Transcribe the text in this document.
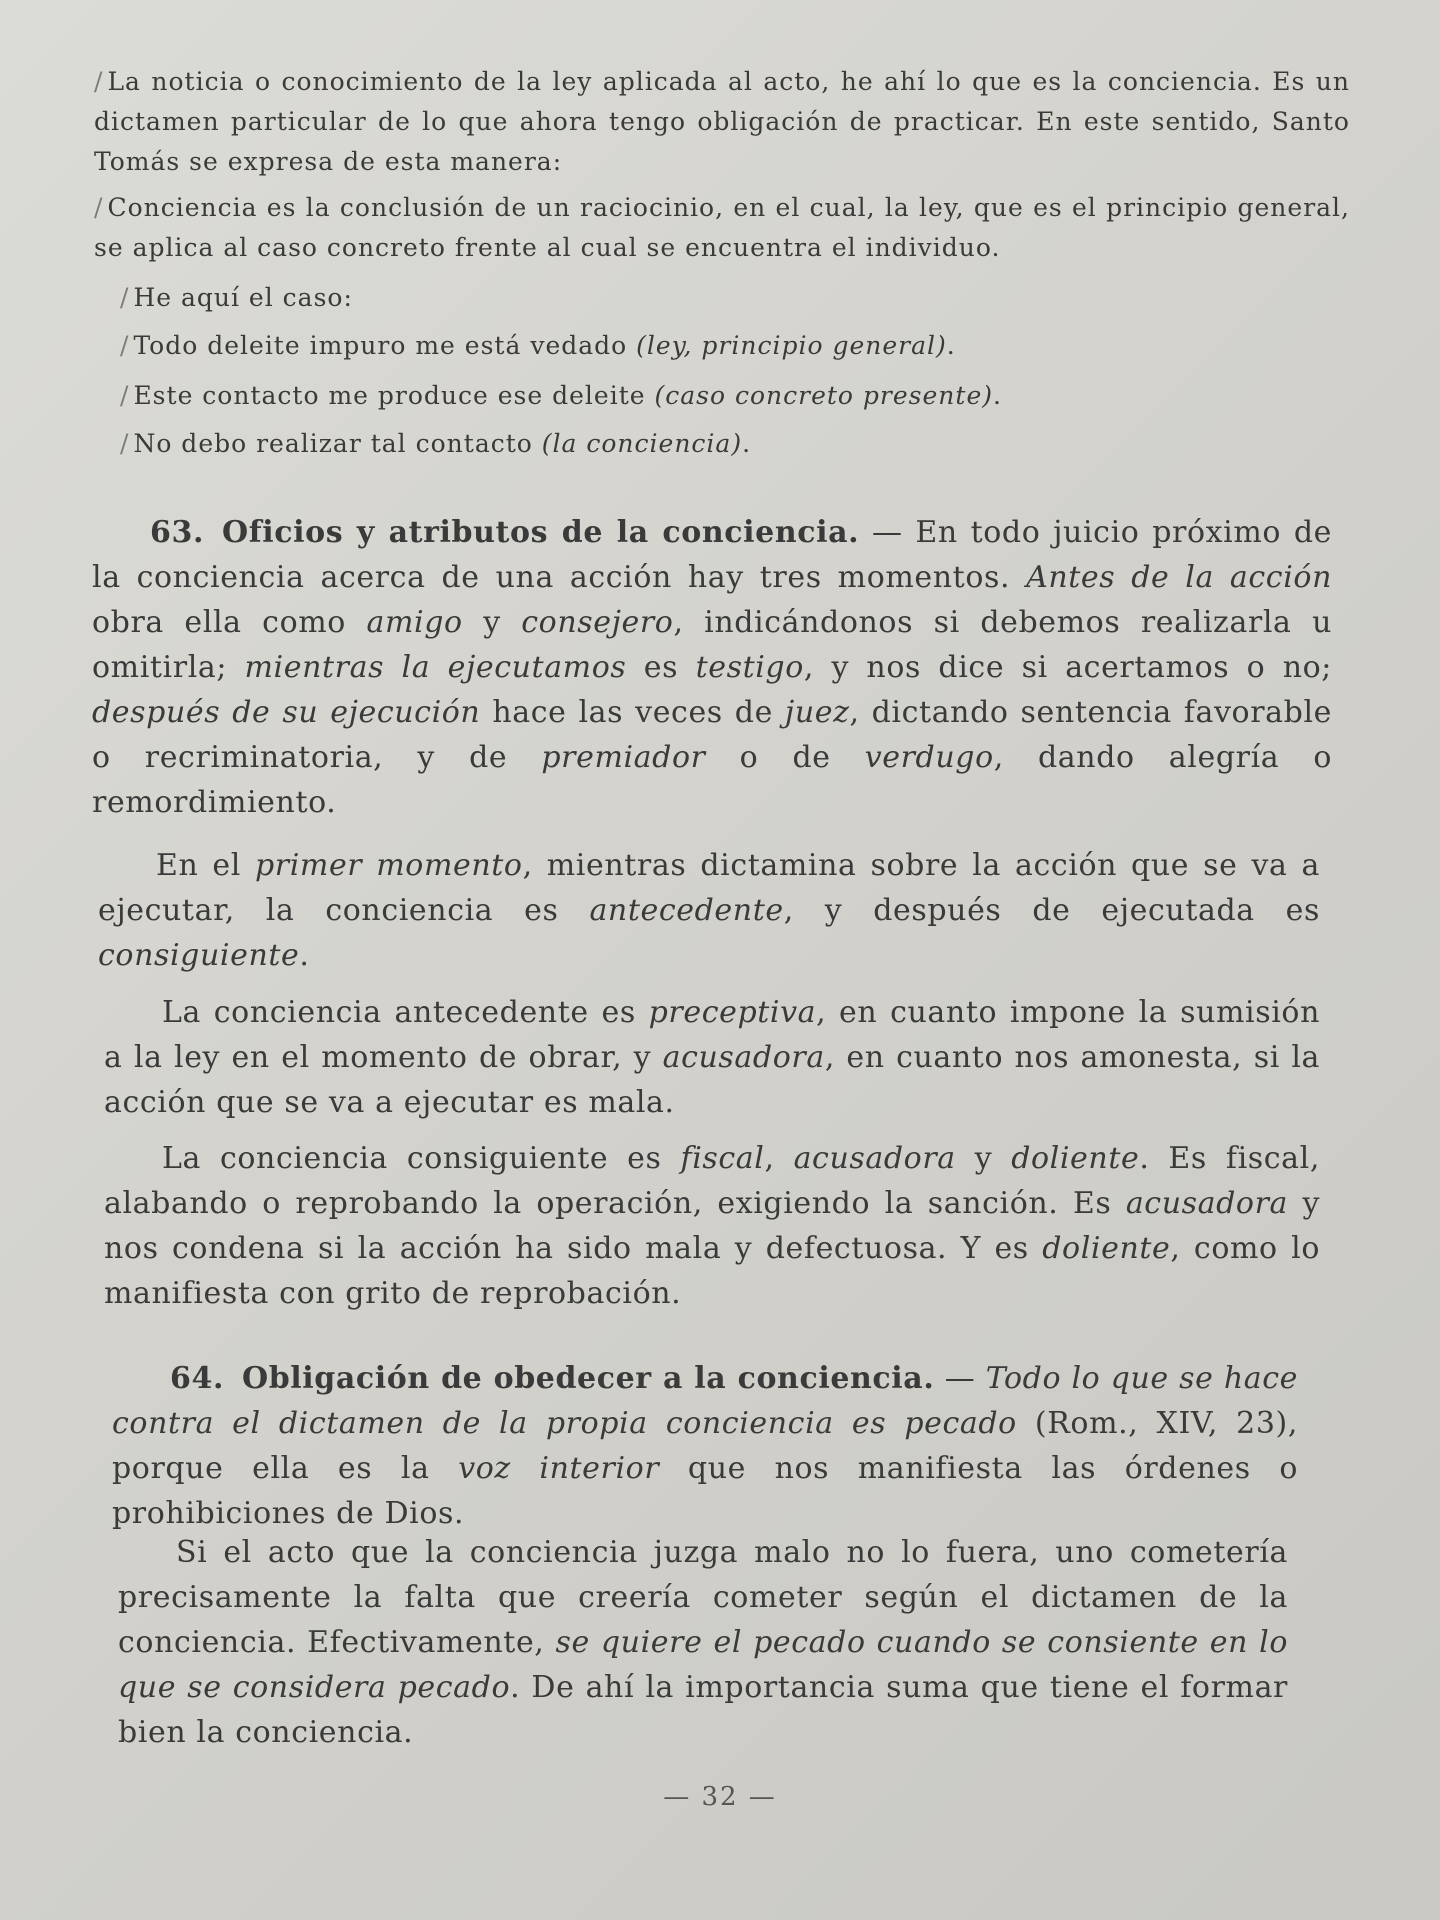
/ La noticia o conocimiento de la ley aplicada al acto, he ahí lo que es la conciencia. Es un dictamen particular de lo que ahora tengo obligación de practicar. En este sentido, Santo Tomás se expresa de esta manera:

/ Conciencia es la conclusión de un raciocinio, en el cual, la ley, que es el principio general, se aplica al caso concreto frente al cual se encuentra el individuo.

/ He aquí el caso:

/ Todo deleite impuro me está vedado (ley, principio general).

/ Este contacto me produce ese deleite (caso concreto presente).

/ No debo realizar tal contacto (la conciencia).

63. Oficios y atributos de la conciencia. — En todo juicio próximo de la conciencia acerca de una acción hay tres momentos. Antes de la acción obra ella como amigo y consejero, indicándonos si debemos realizarla u omitirla; mientras la ejecutamos es testigo, y nos dice si acertamos o no; después de su ejecución hace las veces de juez, dictando sentencia favorable o recriminatoria, y de premiador o de verdugo, dando alegría o remordimiento.

En el primer momento, mientras dictamina sobre la acción que se va a ejecutar, la conciencia es antecedente, y después de ejecutada es consiguiente.

La conciencia antecedente es preceptiva, en cuanto impone la sumisión a la ley en el momento de obrar, y acusadora, en cuanto nos amonesta, si la acción que se va a ejecutar es mala.

La conciencia consiguiente es fiscal, acusadora y doliente. Es fiscal, alabando o reprobando la operación, exigiendo la sanción. Es acusadora y nos condena si la acción ha sido mala y defectuosa. Y es doliente, como lo manifiesta con grito de reprobación.

64. Obligación de obedecer a la conciencia. — Todo lo que se hace contra el dictamen de la propia conciencia es pecado (Rom., XIV, 23), porque ella es la voz interior que nos manifiesta las órdenes o prohibiciones de Dios.

Si el acto que la conciencia juzga malo no lo fuera, uno cometería precisamente la falta que creería cometer según el dictamen de la conciencia. Efectivamente, se quiere el pecado cuando se consiente en lo que se considera pecado. De ahí la importancia suma que tiene el formar bien la conciencia.

— 32 —
